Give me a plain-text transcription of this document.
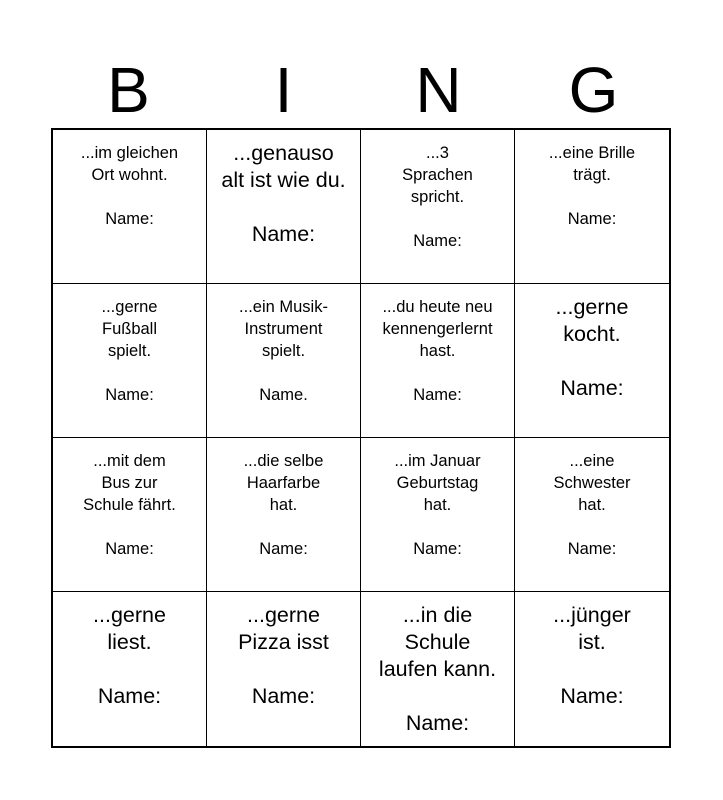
B	I	N	G
...im gleichen
Ort wohnt.
Name:
...genauso
alt ist wie du.
Name:
...3
Sprachen
spricht.
Name:
...eine Brille
trägt.
Name:
...gerne
Fußball
spielt.
Name:
...ein Musik-
Instrument
spielt.
Name.
...du heute neu
kennengerlernt
hast.
Name:
...gerne
kocht.
Name:
...mit dem
Bus zur
Schule fährt.
Name:
...die selbe
Haarfarbe
hat.
Name:
...im Januar
Geburtstag
hat.
Name:
...eine
Schwester
hat.
Name:
...gerne
liest.
Name:
...gerne
Pizza isst
Name:
...in die
Schule
laufen kann.
Name:
...jünger
ist.
Name:
